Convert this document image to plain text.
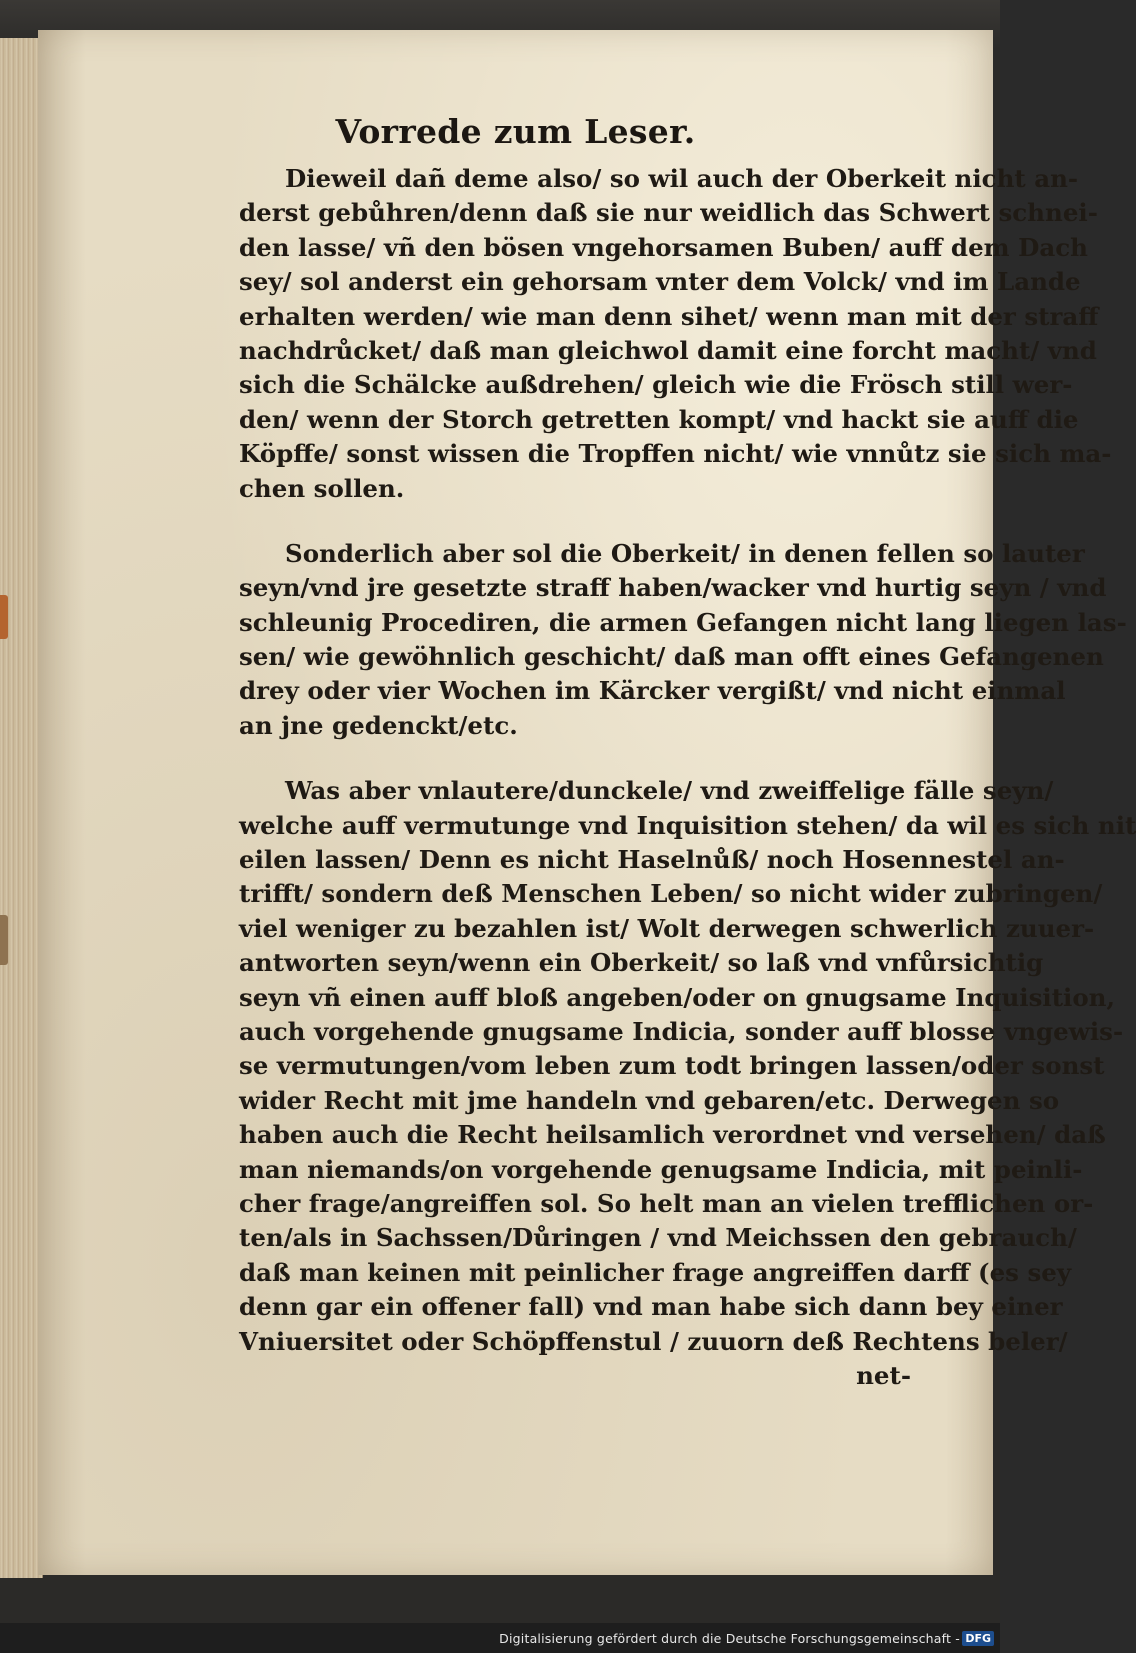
Vorrede zum Leser.
Dieweil dañ deme also/ so wil auch der Oberkeit nicht an-
derst gebůhren/denn daß sie nur weidlich das Schwert schnei-
den lasse/ vñ den bösen vngehorsamen Buben/ auff dem Dach
sey/ sol anderst ein gehorsam vnter dem Volck/ vnd im Lande
erhalten werden/ wie man denn sihet/ wenn man mit der straff
nachdrůcket/ daß man gleichwol damit eine forcht macht/ vnd
sich die Schälcke außdrehen/ gleich wie die Frösch still wer-
den/ wenn der Storch getretten kompt/ vnd hackt sie auff die
Köpffe/ sonst wissen die Tropffen nicht/ wie vnnůtz sie sich ma-
chen sollen.
Sonderlich aber sol die Oberkeit/ in denen fellen so lauter
seyn/vnd jre gesetzte straff haben/wacker vnd hurtig seyn / vnd
schleunig Procediren, die armen Gefangen nicht lang liegen las-
sen/ wie gewöhnlich geschicht/ daß man offt eines Gefangenen
drey oder vier Wochen im Kärcker vergißt/ vnd nicht einmal
an jne gedenckt/etc.
Was aber vnlautere/dunckele/ vnd zweiffelige fälle seyn/
welche auff vermutunge vnd Inquisition stehen/ da wil es sich nit
eilen lassen/ Denn es nicht Haselnůß/ noch Hosennestel an-
trifft/ sondern deß Menschen Leben/ so nicht wider zubringen/
viel weniger zu bezahlen ist/ Wolt derwegen schwerlich zuuer-
antworten seyn/wenn ein Oberkeit/ so laß vnd vnfůrsichtig
seyn vñ einen auff bloß angeben/oder on gnugsame Inquisition,
auch vorgehende gnugsame Indicia, sonder auff blosse vngewis-
se vermutungen/vom leben zum todt bringen lassen/oder sonst
wider Recht mit jme handeln vnd gebaren/etc. Derwegen so
haben auch die Recht heilsamlich verordnet vnd versehen/ daß
man niemands/on vorgehende genugsame Indicia, mit peinli-
cher frage/angreiffen sol. So helt man an vielen trefflichen or-
ten/als in Sachssen/Důringen / vnd Meichssen den gebrauch/
daß man keinen mit peinlicher frage angreiffen darff (es sey
denn gar ein offener fall) vnd man habe sich dann bey einer
Vniuersitet oder Schöpffenstul / zuuorn deß Rechtens beler/
net-
Digitalisierung gefördert durch die Deutsche Forschungsgemeinschaft - DFG
